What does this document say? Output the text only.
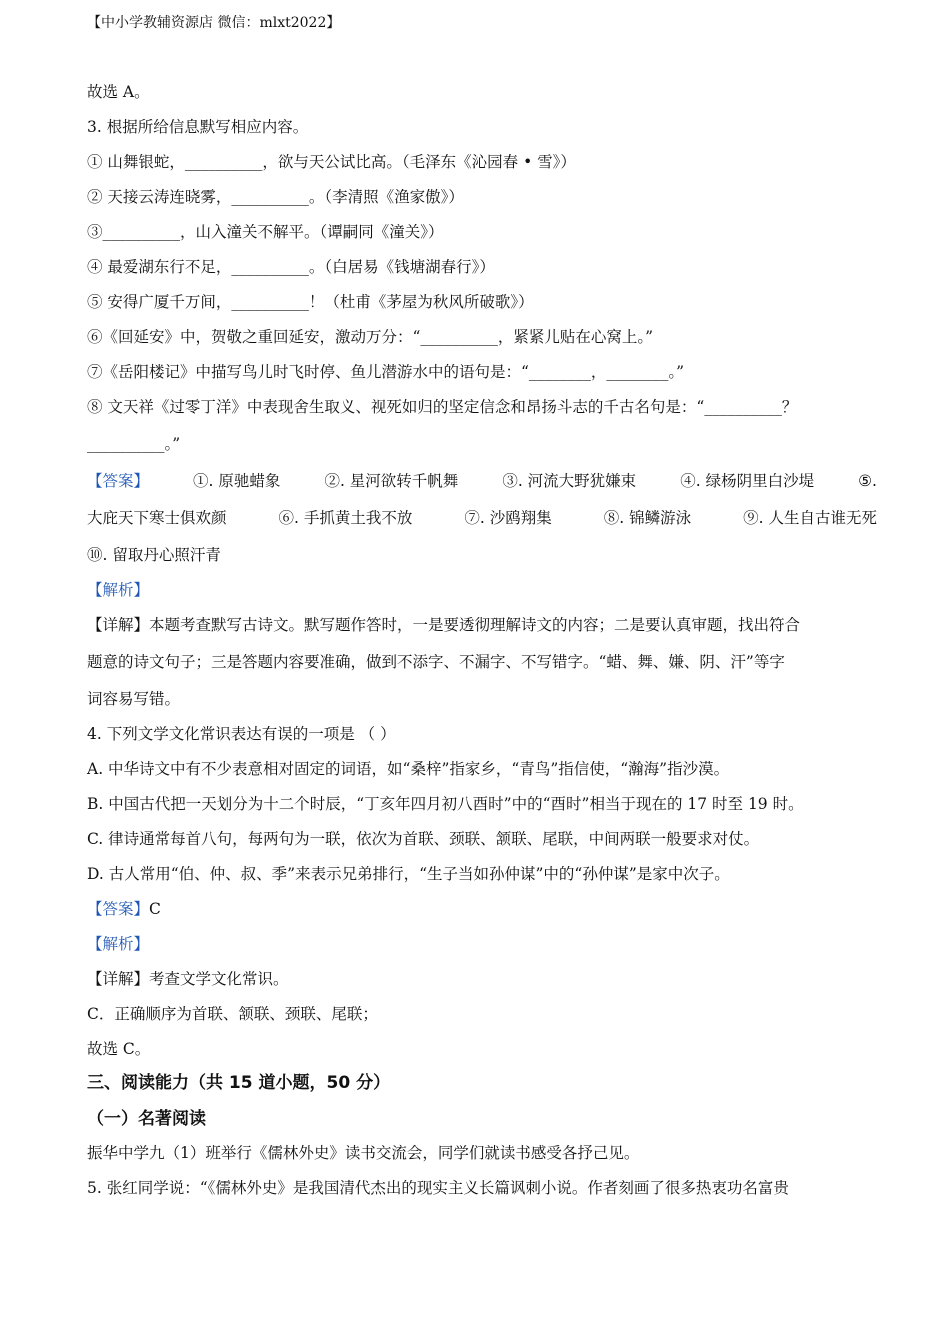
【中小学教辅资源店 微信：mlxt2022】

故选 A。

3. 根据所给信息默写相应内容。

① 山舞银蛇，__________，欲与天公试比高。（毛泽东《沁园春 • 雪》）

② 天接云涛连晓雾，__________。（李清照《渔家傲》）

③__________，山入潼关不解平。（谭嗣同《潼关》）

④ 最爱湖东行不足，__________。（白居易《钱塘湖春行》）

⑤ 安得广厦千万间，__________！（杜甫《茅屋为秋风所破歌》）

⑥《回延安》中，贺敬之重回延安，激动万分：“__________，紧紧儿贴在心窝上。”

⑦《岳阳楼记》中描写鸟儿时飞时停、鱼儿潜游水中的语句是：“________，________。”

⑧ 文天祥《过零丁洋》中表现舍生取义、视死如归的坚定信念和昂扬斗志的千古名句是：“__________？

__________。”

【答案】	①. 原驰蜡象	②. 星河欲转千帆舞	③. 河流大野犹嫌束	④. 绿杨阴里白沙堤	⑤.
大庇天下寒士俱欢颜	⑥. 手抓黄土我不放	⑦. 沙鸥翔集	⑧. 锦鳞游泳	⑨. 人生自古谁无死

⑩. 留取丹心照汗青

【解析】

【详解】本题考查默写古诗文。默写题作答时，一是要透彻理解诗文的内容；二是要认真审题，找出符合

题意的诗文句子；三是答题内容要准确，做到不添字、不漏字、不写错字。“蜡、舞、嫌、阴、汗”等字

词容易写错。

4. 下列文学文化常识表达有误的一项是 （ ）

A. 中华诗文中有不少表意相对固定的词语，如“桑梓”指家乡，“青鸟”指信使，“瀚海”指沙漠。

B. 中国古代把一天划分为十二个时辰，“丁亥年四月初八酉时”中的“酉时”相当于现在的 17 时至 19 时。

C. 律诗通常每首八句，每两句为一联，依次为首联、颈联、颔联、尾联，中间两联一般要求对仗。

D. 古人常用“伯、仲、叔、季”来表示兄弟排行，“生子当如孙仲谋”中的“孙仲谋”是家中次子。

【答案】C

【解析】

【详解】考查文学文化常识。

C．正确顺序为首联、颔联、颈联、尾联；

故选 C。

三、阅读能力（共 15 道小题，50 分）

（一）名著阅读

振华中学九（1）班举行《儒林外史》读书交流会，同学们就读书感受各抒己见。

5. 张红同学说：“《儒林外史》是我国清代杰出的现实主义长篇讽刺小说。作者刻画了很多热衷功名富贵
